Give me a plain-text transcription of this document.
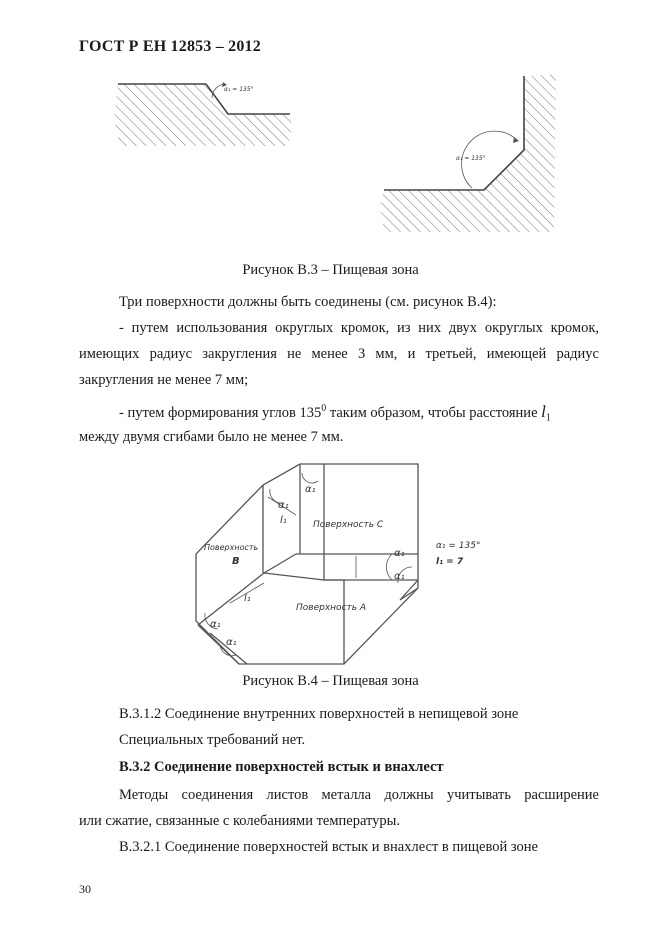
ГОСТ Р ЕН 12853 – 2012
α₁ = 135°
α₁ = 135°
Рисунок В.3 – Пищевая зона
Три поверхности должны быть соединены (см. рисунок В.4):
- путем использования округлых кромок, из них двух округлых кромок,
имеющих радиус закругления не менее 3 мм, и третьей, имеющей радиус
закругления не менее 7 мм;
- путем формирования углов $135^0$ таким образом, чтобы расстояние $l_1$
между двумя сгибами было не менее 7 мм.
Поверхность С
Поверхность
В
Поверхность А
α₁
α₁
α₁
α₁
α₁
α₁
l₁
l₁
α₁ = 135°
l₁ = 7
Рисунок В.4 – Пищевая зона
В.3.1.2 Соединение внутренних поверхностей в непищевой зоне
Специальных требований нет.
В.3.2 Соединение поверхностей встык и внахлест
Методы соединения листов металла должны учитывать расширение
или сжатие, связанные с колебаниями температуры.
В.3.2.1 Соединение поверхностей встык и внахлест в пищевой зоне
30
